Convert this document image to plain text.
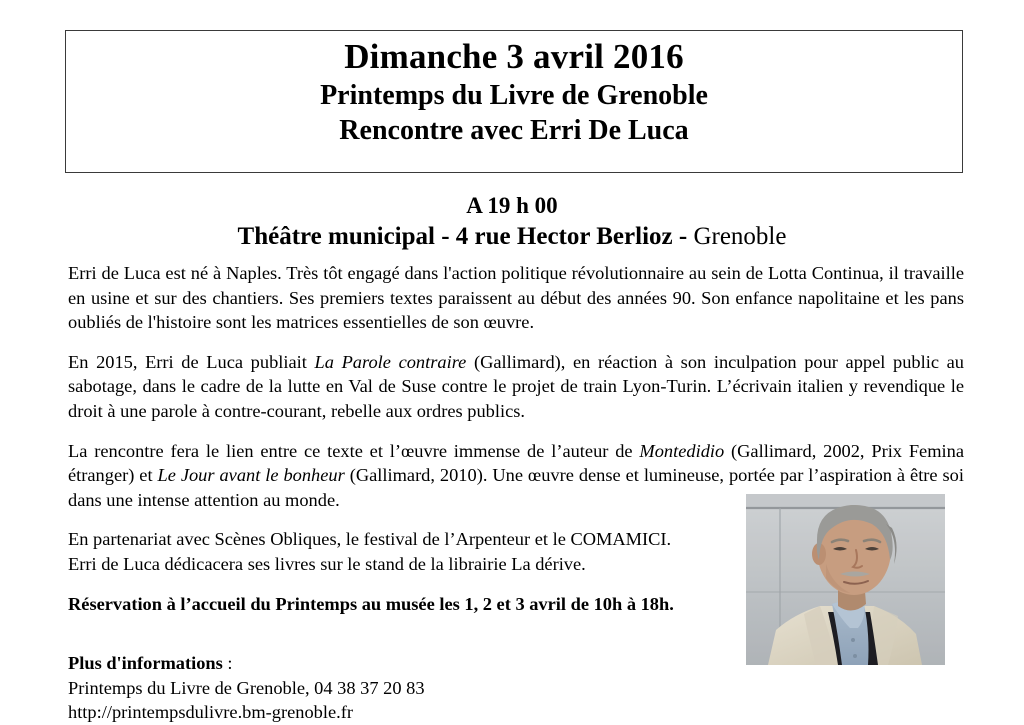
Dimanche 3 avril 2016
Printemps du Livre de Grenoble
Rencontre avec Erri De Luca
A 19 h 00
Théâtre municipal - 4 rue Hector Berlioz - Grenoble

Erri de Luca est né à Naples. Très tôt engagé dans l'action politique révolutionnaire au sein de Lotta Continua, il travaille en usine et sur des chantiers. Ses premiers textes paraissent au début des années 90. Son enfance napolitaine et les pans oubliés de l'histoire sont les matrices essentielles de son œuvre.

En 2015, Erri de Luca publiait La Parole contraire (Gallimard), en réaction à son inculpation pour appel public au sabotage, dans le cadre de la lutte en Val de Suse contre le projet de train Lyon-Turin. L’écrivain italien y revendique le droit à une parole à contre-courant, rebelle aux ordres publics.

La rencontre fera le lien entre ce texte et l’œuvre immense de l’auteur de Montedidio (Gallimard, 2002, Prix Femina étranger) et Le Jour avant le bonheur (Gallimard, 2010). Une œuvre dense et lumineuse, portée par l’aspiration à être soi dans une intense attention au monde.

En partenariat avec Scènes Obliques, le festival de l’Arpenteur et le COMAMICI.
Erri de Luca dédicacera ses livres sur le stand de la librairie La dérive.

Réservation à l’accueil du Printemps au musée les 1, 2 et 3 avril de 10h à 18h.

Plus d'informations :
Printemps du Livre de Grenoble, 04 38 37 20 83
http://printempsdulivre.bm-grenoble.fr
